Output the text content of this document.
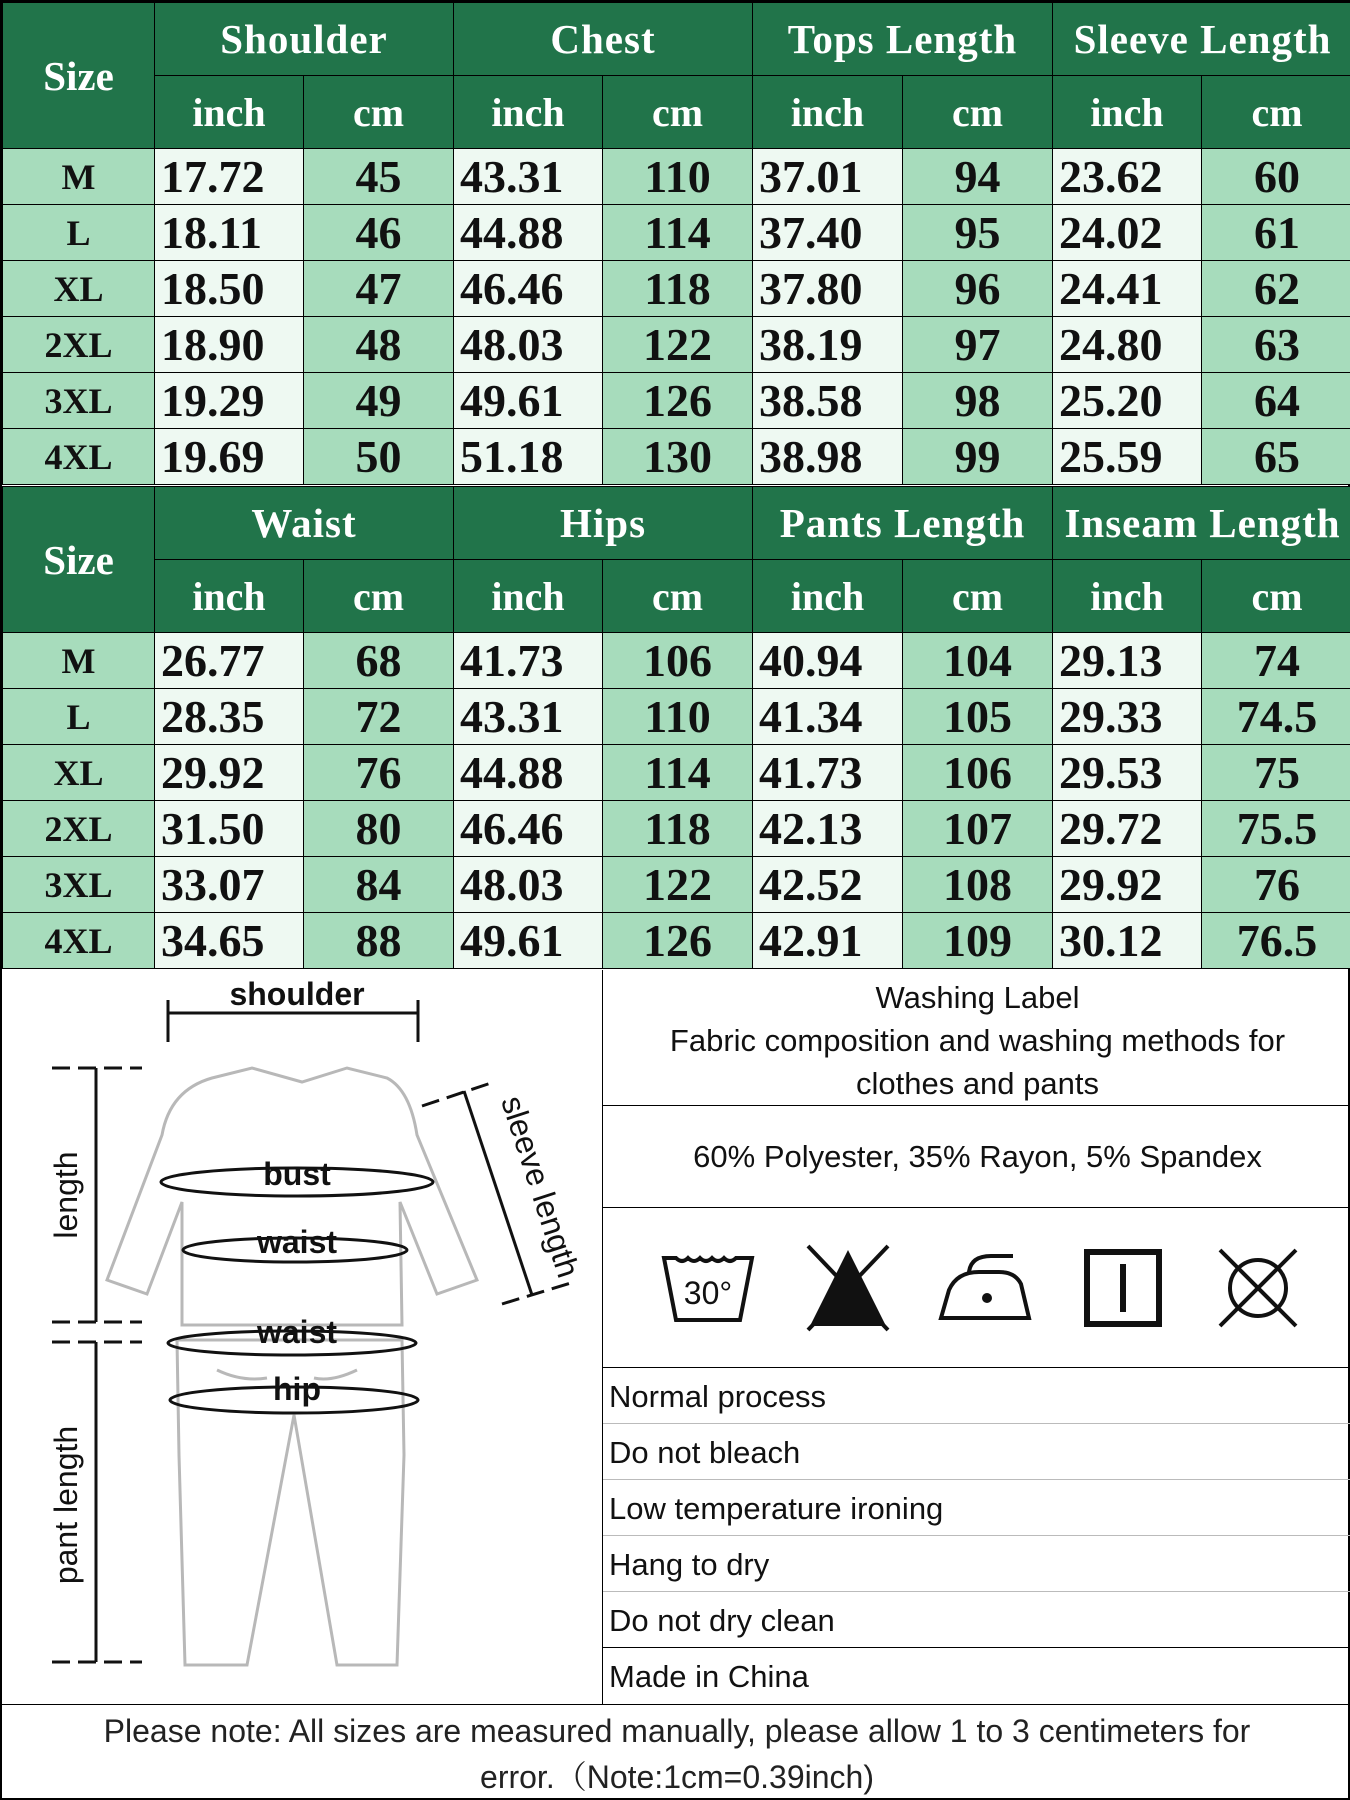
Size	Shoulder		Chest		Tops Length		Sleeve Length	
	inch	cm	inch	cm	inch	cm	inch	cm
M	17.72	45	43.31	110	37.01	94	23.62	60
L	18.11	46	44.88	114	37.40	95	24.02	61
XL	18.50	47	46.46	118	37.80	96	24.41	62
2XL	18.90	48	48.03	122	38.19	97	24.80	63
3XL	19.29	49	49.61	126	38.58	98	25.20	64
4XL	19.69	50	51.18	130	38.98	99	25.59	65
Size	Waist		Hips		Pants Length		Inseam Length	
	inch	cm	inch	cm	inch	cm	inch	cm
M	26.77	68	41.73	106	40.94	104	29.13	74
L	28.35	72	43.31	110	41.34	105	29.33	74.5
XL	29.92	76	44.88	114	41.73	106	29.53	75
2XL	31.50	80	46.46	118	42.13	107	29.72	75.5
3XL	33.07	84	48.03	122	42.52	108	29.92	76
4XL	34.65	88	49.61	126	42.91	109	30.12	76.5
shoulder
bust
waist
waist
hip
length
pant length
sleeve length
Washing Label
Fabric composition and washing methods for
clothes and pants
60% Polyester, 35% Rayon, 5% Spandex
30°
Normal process
Do not bleach
Low temperature ironing
Hang to dry
Do not dry clean
Made in China
Please note: All sizes are measured manually, please allow 1 to 3 centimeters for
error.（Note:1cm=0.39inch)
